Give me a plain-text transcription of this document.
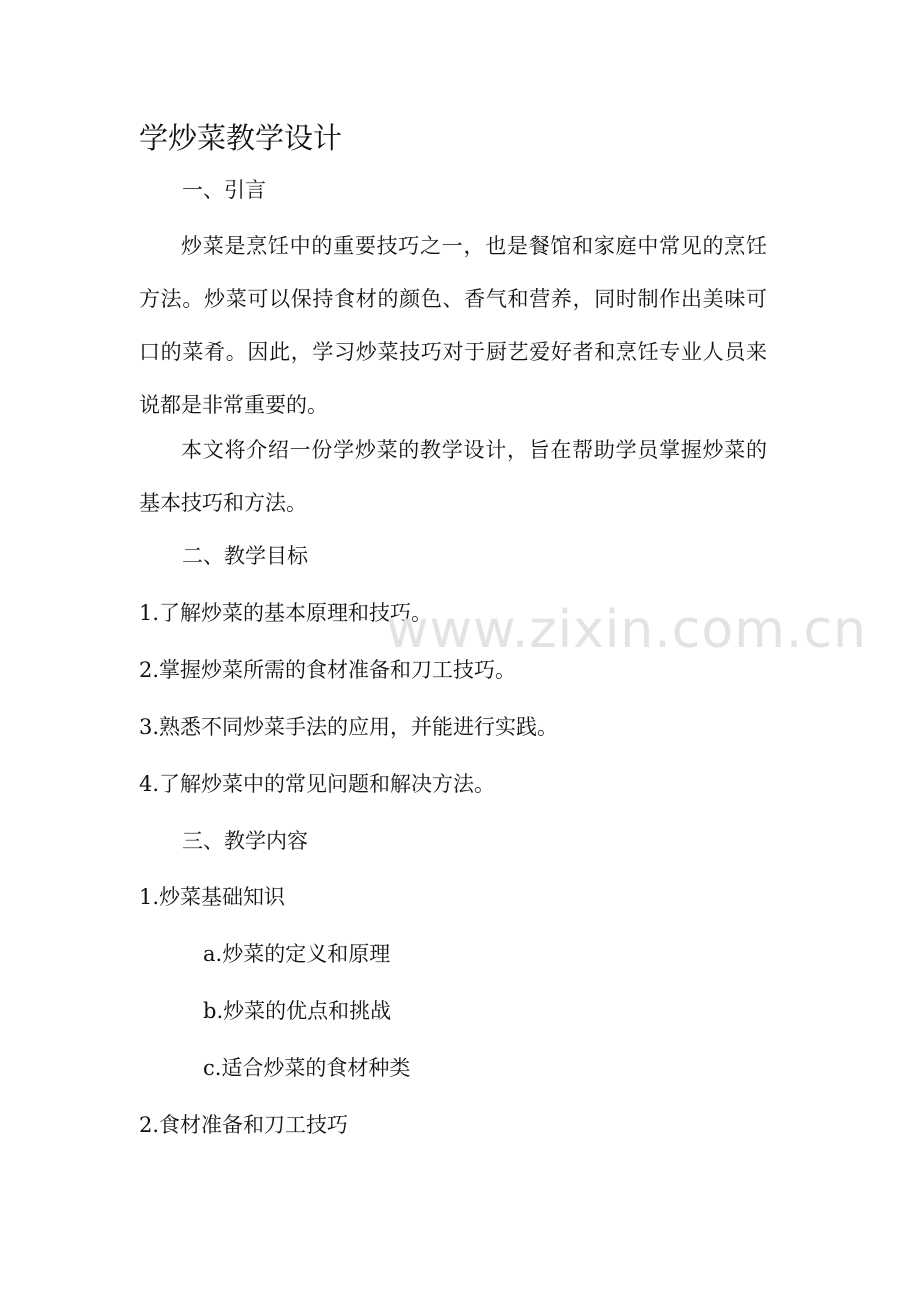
学炒菜教学设计
一、引言

炒菜是烹饪中的重要技巧之一，也是餐馆和家庭中常见的烹饪方法。炒菜可以保持食材的颜色、香气和营养，同时制作出美味可口的菜肴。因此，学习炒菜技巧对于厨艺爱好者和烹饪专业人员来说都是非常重要的。

本文将介绍一份学炒菜的教学设计，旨在帮助学员掌握炒菜的基本技巧和方法。

二、教学目标
1.了解炒菜的基本原理和技巧。
2.掌握炒菜所需的食材准备和刀工技巧。
3.熟悉不同炒菜手法的应用，并能进行实践。
4.了解炒菜中的常见问题和解决方法。
三、教学内容
1.炒菜基础知识
a.炒菜的定义和原理
b.炒菜的优点和挑战
c.适合炒菜的食材种类
2.食材准备和刀工技巧
www.zixin.com.cn
